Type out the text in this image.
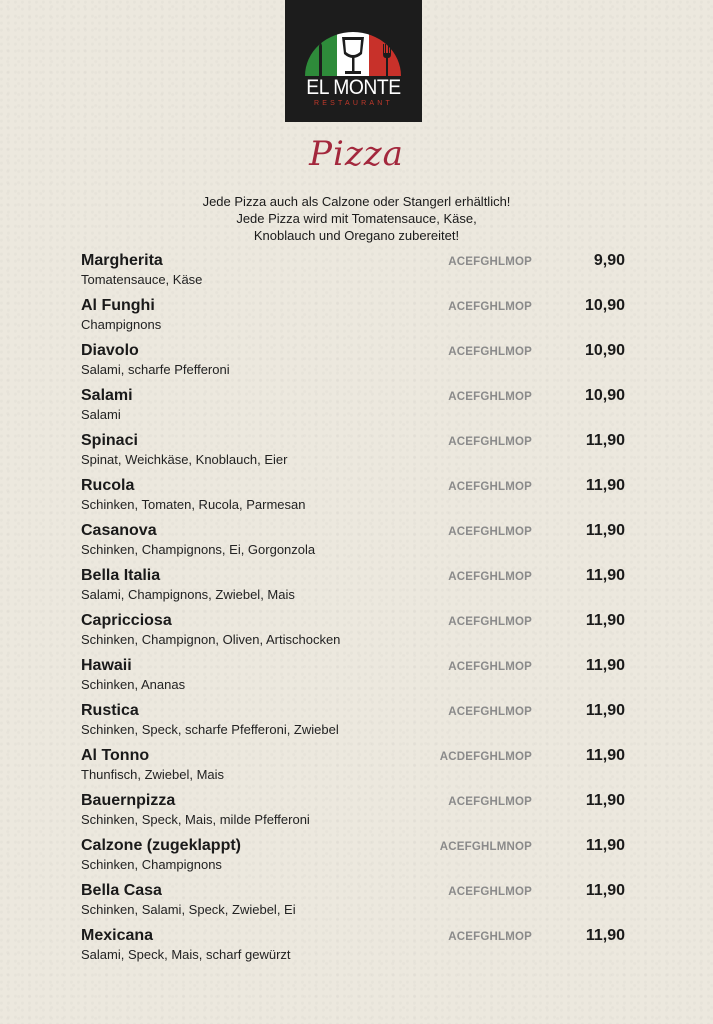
EL MONTE
RESTAURANT
Pizza
Jede Pizza auch als Calzone oder Stangerl erhältlich!
Jede Pizza wird mit Tomatensauce, Käse,
Knoblauch und Oregano zubereitet!
Margherita
Tomatensauce, Käse
ACEFGHLMOP	9,90
Al Funghi
Champignons
ACEFGHLMOP	10,90
Diavolo
Salami, scharfe Pfefferoni
ACEFGHLMOP	10,90
Salami
Salami
ACEFGHLMOP	10,90
Spinaci
Spinat, Weichkäse, Knoblauch, Eier
ACEFGHLMOP	11,90
Rucola
Schinken, Tomaten, Rucola, Parmesan
ACEFGHLMOP	11,90
Casanova
Schinken, Champignons, Ei, Gorgonzola
ACEFGHLMOP	11,90
Bella Italia
Salami, Champignons, Zwiebel, Mais
ACEFGHLMOP	11,90
Capricciosa
Schinken, Champignon, Oliven, Artischocken
ACEFGHLMOP	11,90
Hawaii
Schinken, Ananas
ACEFGHLMOP	11,90
Rustica
Schinken, Speck, scharfe Pfefferoni, Zwiebel
ACEFGHLMOP	11,90
Al Tonno
Thunfisch, Zwiebel, Mais
ACDEFGHLMOP	11,90
Bauernpizza
Schinken, Speck, Mais, milde Pfefferoni
ACEFGHLMOP	11,90
Calzone (zugeklappt)
Schinken, Champignons
ACEFGHLMNOP	11,90
Bella Casa
Schinken, Salami, Speck, Zwiebel, Ei
ACEFGHLMOP	11,90
Mexicana
Salami, Speck, Mais, scharf gewürzt
ACEFGHLMOP	11,90
